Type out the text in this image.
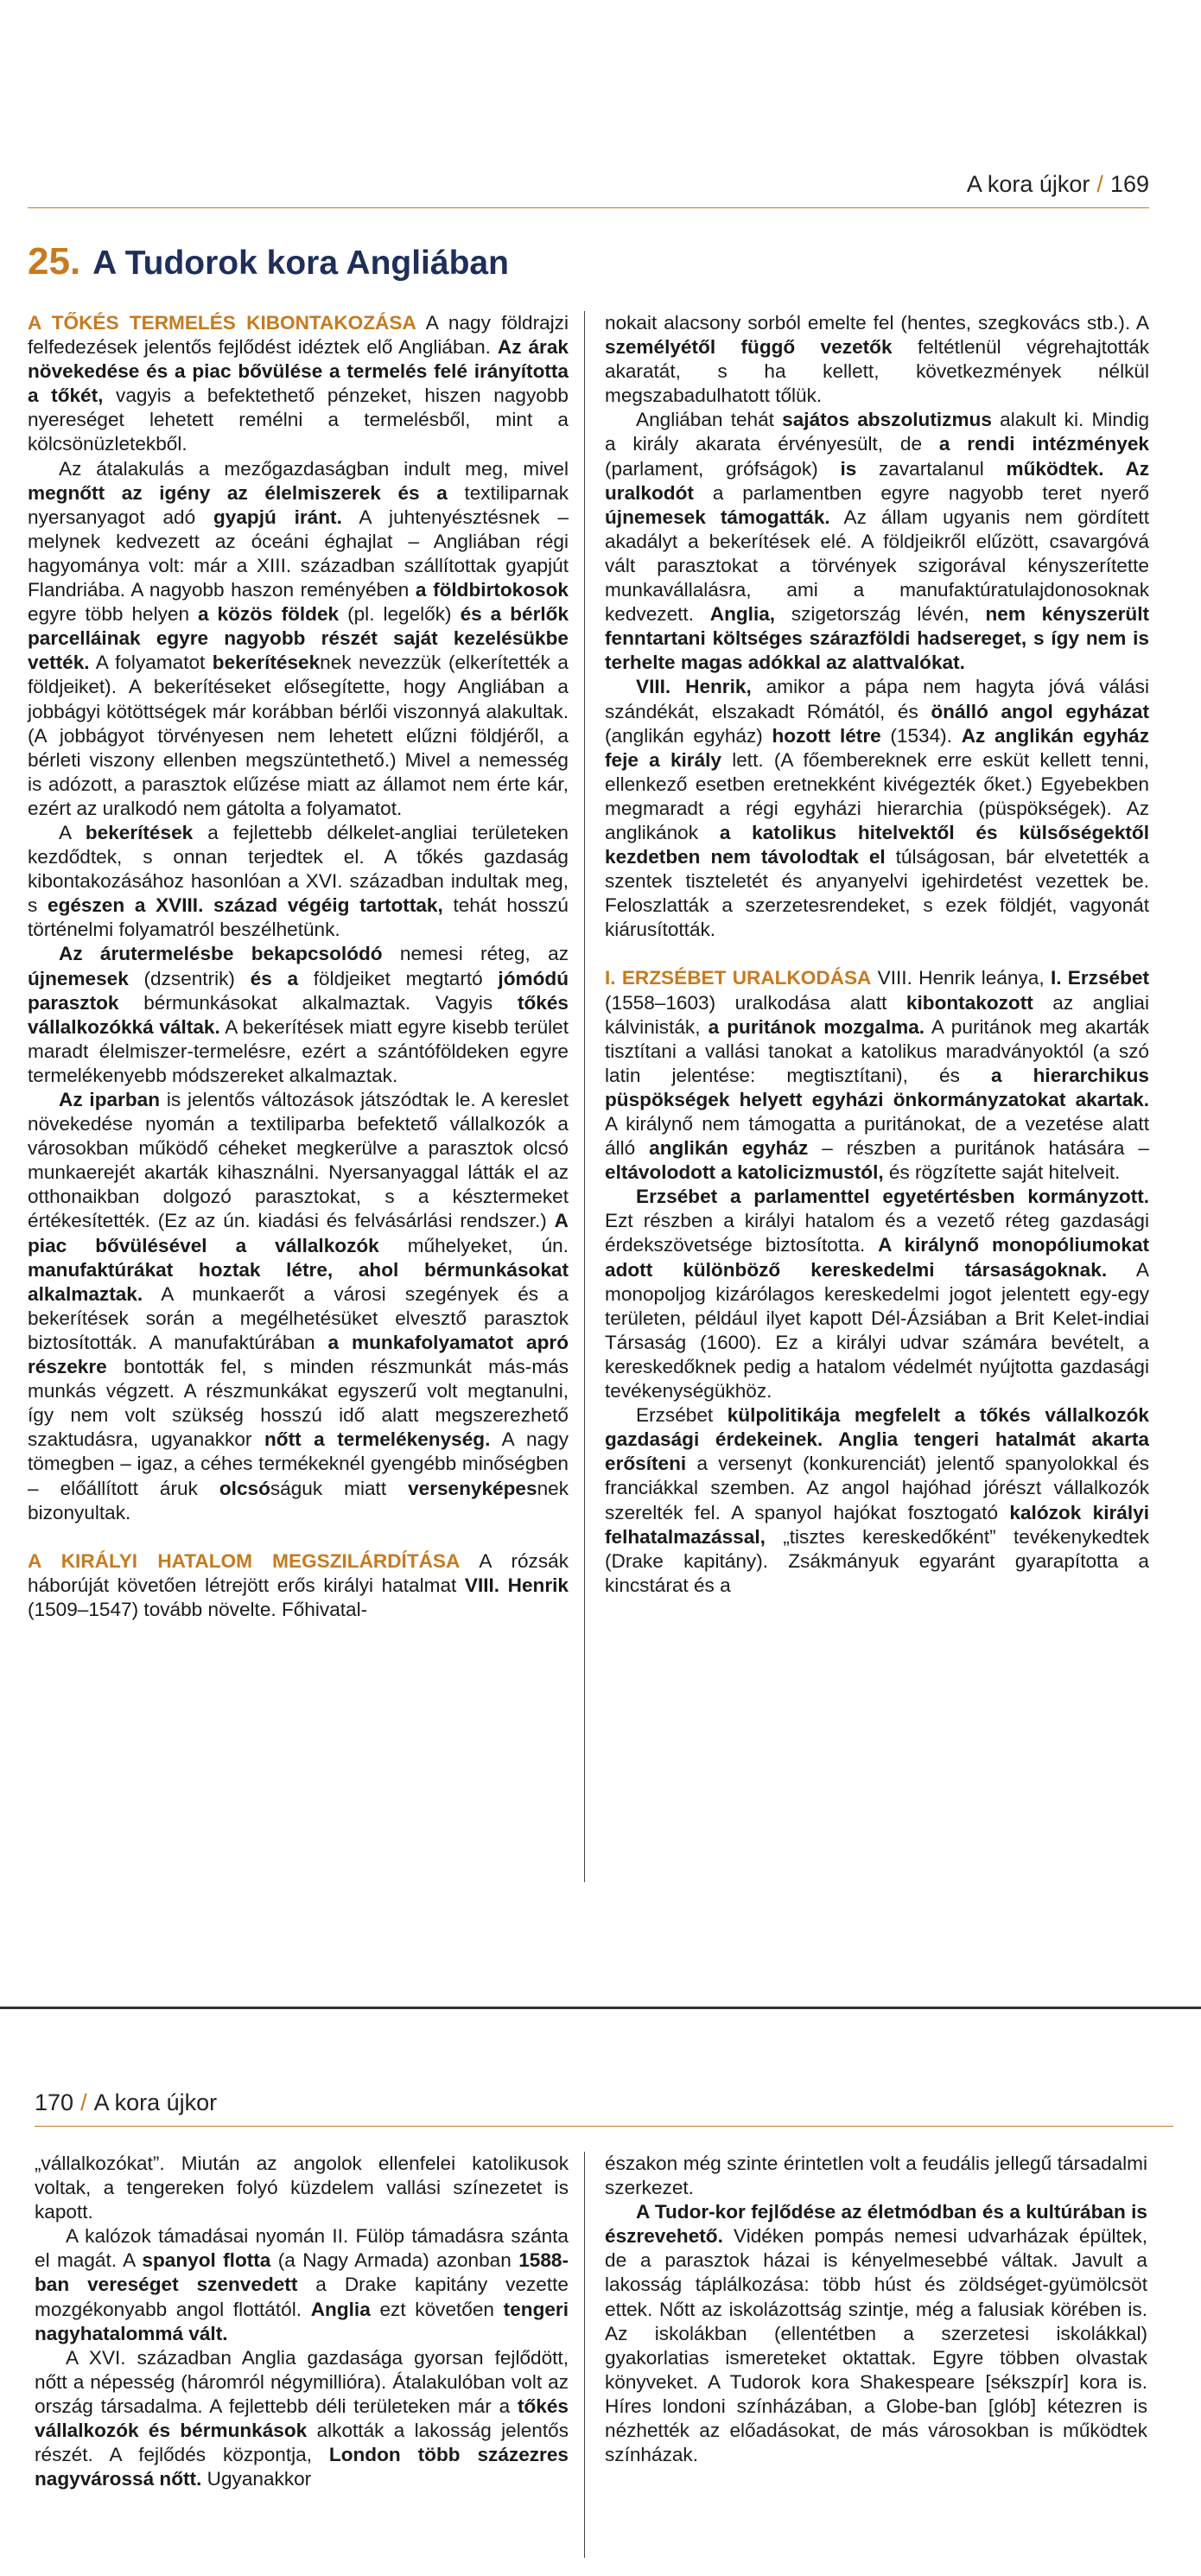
A kora újkor / 169
25. A Tudorok kora Angliában

A TŐKÉS TERMELÉS KIBONTAKOZÁSA A nagy földrajzi felfedezések jelentős fejlődést idéztek elő Angliában. Az árak növekedése és a piac bővülése a termelés felé irányította a tőkét, vagyis a befektethető pénzeket, hiszen nagyobb nyereséget lehetett remélni a termelésből, mint a kölcsönüzletekből.

Az átalakulás a mezőgazdaságban indult meg, mivel megnőtt az igény az élelmiszerek és a textiliparnak nyersanyagot adó gyapjú iránt. A juhtenyésztésnek – melynek kedvezett az óceáni éghajlat – Angliában régi hagyománya volt: már a XIII. században szállítottak gyapjút Flandriába. A nagyobb haszon reményében a földbirtokosok egyre több helyen a közös földek (pl. legelők) és a bérlők parcelláinak egyre nagyobb részét saját kezelésükbe vették. A folyamatot bekerítéseknek nevezzük (elkerítették a földjeiket). A bekerítéseket elősegítette, hogy Angliában a jobbágyi kötöttségek már korábban bérlői viszonnyá alakultak. (A jobbágyot törvényesen nem lehetett elűzni földjéről, a bérleti viszony ellenben megszüntethető.) Mivel a nemesség is adózott, a parasztok elűzése miatt az államot nem érte kár, ezért az uralkodó nem gátolta a folyamatot.

A bekerítések a fejlettebb délkelet-angliai területeken kezdődtek, s onnan terjedtek el. A tőkés gazdaság kibontakozásához hasonlóan a XVI. században indultak meg, s egészen a XVIII. század végéig tartottak, tehát hosszú történelmi folyamatról beszélhetünk.

Az árutermelésbe bekapcsolódó nemesi réteg, az újnemesek (dzsentrik) és a földjeiket megtartó jómódú parasztok bérmunkásokat alkalmaztak. Vagyis tőkés vállalkozókká váltak. A bekerítések miatt egyre kisebb terület maradt élelmiszer-termelésre, ezért a szántóföldeken egyre termelékenyebb módszereket alkalmaztak.

Az iparban is jelentős változások játszódtak le. A kereslet növekedése nyomán a textiliparba befektető vállalkozók a városokban működő céheket megkerülve a parasztok olcsó munkaerejét akarták kihasználni. Nyersanyaggal látták el az otthonaikban dolgozó parasztokat, s a késztermeket értékesítették. (Ez az ún. kiadási és felvásárlási rendszer.) A piac bővülésével a vállalkozók műhelyeket, ún. manufaktúrákat hoztak létre, ahol bérmunkásokat alkalmaztak. A munkaerőt a városi szegények és a bekerítések során a megélhetésüket elvesztő parasztok biztosították. A manufaktúrában a munkafolyamatot apró részekre bontották fel, s minden részmunkát más-más munkás végzett. A részmunkákat egyszerű volt megtanulni, így nem volt szükség hosszú idő alatt megszerezhető szaktudásra, ugyanakkor nőtt a termelékenység. A nagy tömegben – igaz, a céhes termékeknél gyengébb minőségben – előállított áruk olcsóságuk miatt versenyképesnek bizonyultak.

A KIRÁLYI HATALOM MEGSZILÁRDÍTÁSA A rózsák háborúját követően létrejött erős királyi hatalmat VIII. Henrik (1509–1547) tovább növelte. Főhivatal-

nokait alacsony sorból emelte fel (hentes, szegkovács stb.). A személyétől függő vezetők feltétlenül végrehajtották akaratát, s ha kellett, következmények nélkül megszabadulhatott tőlük.

Angliában tehát sajátos abszolutizmus alakult ki. Mindig a király akarata érvényesült, de a rendi intézmények (parlament, grófságok) is zavartalanul működtek. Az uralkodót a parlamentben egyre nagyobb teret nyerő újnemesek támogatták. Az állam ugyanis nem gördített akadályt a bekerítések elé. A földjeikről elűzött, csavargóvá vált parasztokat a törvények szigorával kényszerítette munkavállalásra, ami a manufaktúratulajdonosoknak kedvezett. Anglia, szigetország lévén, nem kényszerült fenntartani költséges szárazföldi hadsereget, s így nem is terhelte magas adókkal az alattvalókat.

VIII. Henrik, amikor a pápa nem hagyta jóvá válási szándékát, elszakadt Rómától, és önálló angol egyházat (anglikán egyház) hozott létre (1534). Az anglikán egyház feje a király lett. (A főembereknek erre esküt kellett tenni, ellenkező esetben eretnekként kivégezték őket.) Egyebekben megmaradt a régi egyházi hierarchia (püspökségek). Az anglikánok a katolikus hitelvektől és külsőségektől kezdetben nem távolodtak el túlságosan, bár elvetették a szentek tiszteletét és anyanyelvi igehirdetést vezettek be. Feloszlatták a szerzetesrendeket, s ezek földjét, vagyonát kiárusították.

I. ERZSÉBET URALKODÁSA VIII. Henrik leánya, I. Erzsébet (1558–1603) uralkodása alatt kibontakozott az angliai kálvinisták, a puritánok mozgalma. A puritánok meg akarták tisztítani a vallási tanokat a katolikus maradványoktól (a szó latin jelentése: megtisztítani), és a hierarchikus püspökségek helyett egyházi önkormányzatokat akartak. A királynő nem támogatta a puritánokat, de a vezetése alatt álló anglikán egyház – részben a puritánok hatására – eltávolodott a katolicizmustól, és rögzítette saját hitelveit.

Erzsébet a parlamenttel egyetértésben kormányzott. Ezt részben a királyi hatalom és a vezető réteg gazdasági érdekszövetsége biztosította. A királynő monopóliumokat adott különböző kereskedelmi társaságoknak. A monopoljog kizárólagos kereskedelmi jogot jelentett egy-egy területen, például ilyet kapott Dél-Ázsiában a Brit Kelet-indiai Társaság (1600). Ez a királyi udvar számára bevételt, a kereskedőknek pedig a hatalom védelmét nyújtotta gazdasági tevékenységükhöz.

Erzsébet külpolitikája megfelelt a tőkés vállalkozók gazdasági érdekeinek. Anglia tengeri hatalmát akarta erősíteni a versenyt (konkurenciát) jelentő spanyolokkal és franciákkal szemben. Az angol hajóhad jórészt vállalkozók szerelték fel. A spanyol hajókat fosztogató kalózok királyi felhatalmazással, „tisztes kereskedőként” tevékenykedtek (Drake kapitány). Zsákmányuk egyaránt gyarapította a kincstárat és a

170 / A kora újkor

„vállalkozókat”. Miután az angolok ellenfelei katolikusok voltak, a tengereken folyó küzdelem vallási színezetet is kapott.

A kalózok támadásai nyomán II. Fülöp támadásra szánta el magát. A spanyol flotta (a Nagy Armada) azonban 1588-ban vereséget szenvedett a Drake kapitány vezette mozgékonyabb angol flottától. Anglia ezt követően tengeri nagyhatalommá vált.

A XVI. században Anglia gazdasága gyorsan fejlődött, nőtt a népesség (háromról négymillióra). Átalakulóban volt az ország társadalma. A fejlettebb déli területeken már a tőkés vállalkozók és bérmunkások alkották a lakosság jelentős részét. A fejlődés központja, London több százezres nagyvárossá nőtt. Ugyanakkor

északon még szinte érintetlen volt a feudális jellegű társadalmi szerkezet.

A Tudor-kor fejlődése az életmódban és a kultúrában is észrevehető. Vidéken pompás nemesi udvarházak épültek, de a parasztok házai is kényelmesebbé váltak. Javult a lakosság táplálkozása: több húst és zöldséget-gyümölcsöt ettek. Nőtt az iskolázottság szintje, még a falusiak körében is. Az iskolákban (ellentétben a szerzetesi iskolákkal) gyakorlatias ismereteket oktattak. Egyre többen olvastak könyveket. A Tudorok kora Shakespeare [sékszpír] kora is. Híres londoni színházában, a Globe-ban [glób] kétezren is nézhették az előadásokat, de más városokban is működtek színházak.
